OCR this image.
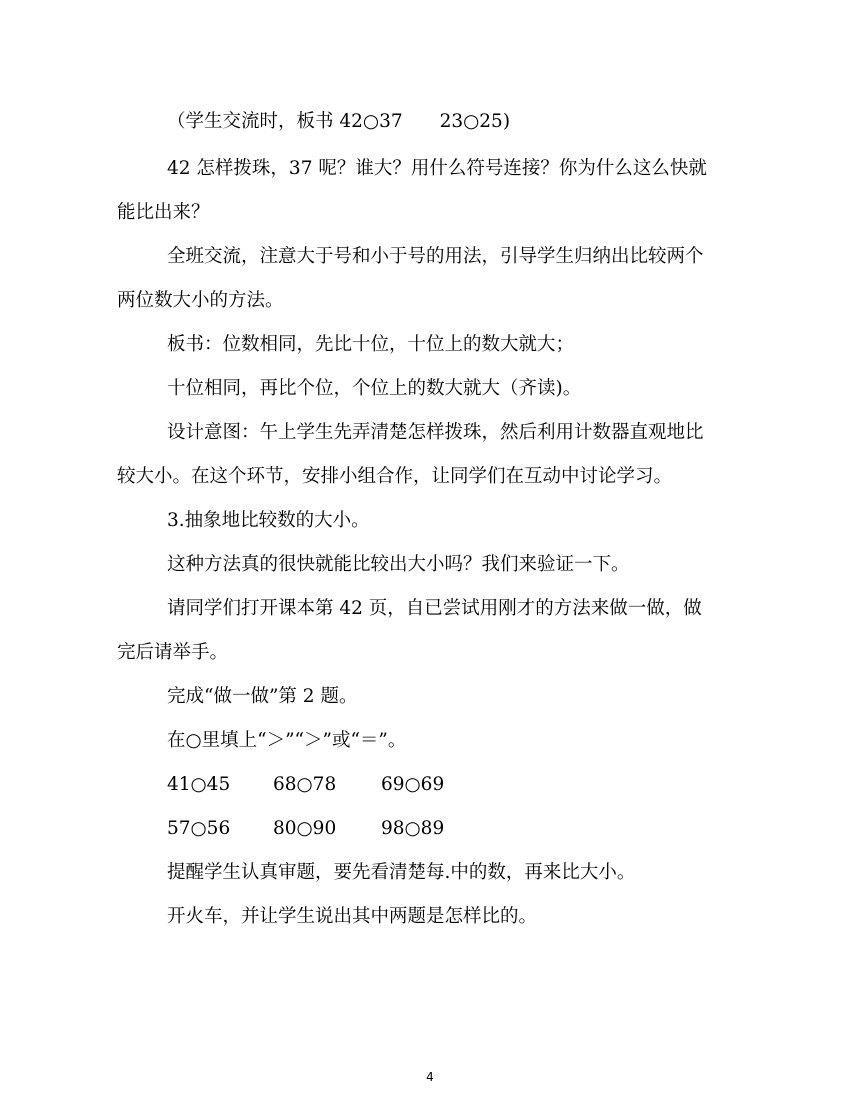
（学生交流时，板书 42○37　　23○25)
42 怎样拨珠，37 呢？谁大？用什么符号连接？你为什么这么快就
能比出来？
全班交流，注意大于号和小于号的用法，引导学生归纳出比较两个
两位数大小的方法。
板书：位数相同，先比十位，十位上的数大就大；
十位相同，再比个位，个位上的数大就大（齐读)。
设计意图：午上学生先弄清楚怎样拨珠，然后利用计数器直观地比
较大小。在这个环节，安排小组合作，让同学们在互动中讨论学习。
3.抽象地比较数的大小。
这种方法真的很快就能比较出大小吗？我们来验证一下。
请同学们打开课本第 42 页，自已尝试用刚才的方法来做一做，做
完后请举手。
完成“做一做”第 2 题。
在○里填上“＞”“＞”或“＝”。
41○45 68○78 69○69
57○56 80○90 98○89
提醒学生认真审题，要先看清楚每.中的数，再来比大小。
开火车，并让学生说出其中两题是怎样比的。
4
